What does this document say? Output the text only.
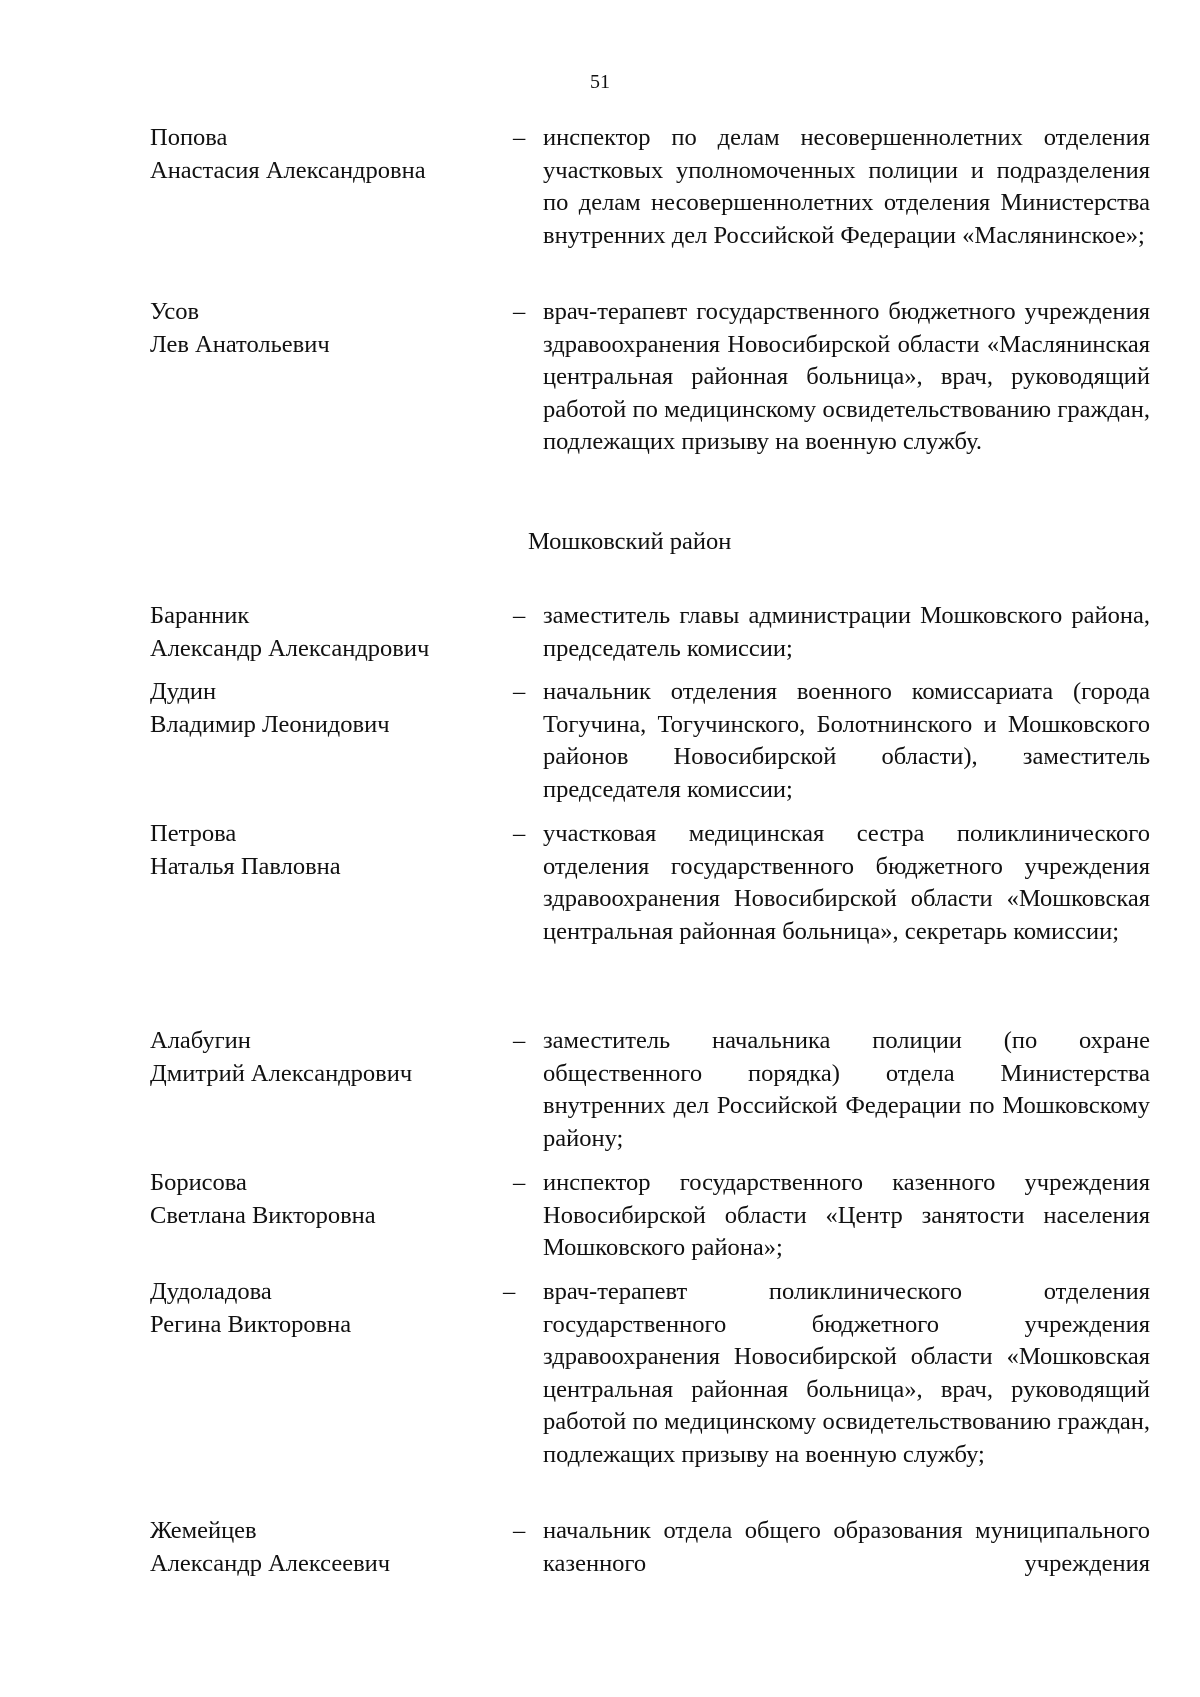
51
Попова
Анастасия Александровна
– инспектор по делам несовершеннолетних отделения участковых уполномоченных полиции и подразделения по делам несовершеннолетних отделения Министерства внутренних дел Российской Федерации «Маслянинское»;
Усов
Лев Анатольевич
– врач-терапевт государственного бюджетного учреждения здравоохранения Новосибирской области «Маслянинская центральная районная больница», врач, руководящий работой по медицинскому освидетельствованию граждан, подлежащих призыву на военную службу.
Мошковский район
Баранник
Александр Александрович
– заместитель главы администрации Мошковского района, председатель комиссии;
Дудин
Владимир Леонидович
– начальник отделения военного комиссариата (города Тогучина, Тогучинского, Болотнинского и Мошковского районов Новосибирской области), заместитель председателя комиссии;
Петрова
Наталья Павловна
– участковая медицинская сестра поликлинического отделения государственного бюджетного учреждения здравоохранения Новосибирской области «Мошковская центральная районная больница», секретарь комиссии;
Алабугин
Дмитрий Александрович
– заместитель начальника полиции (по охране общественного порядка) отдела Министерства внутренних дел Российской Федерации по Мошковскому району;
Борисова
Светлана Викторовна
– инспектор государственного казенного учреждения Новосибирской области «Центр занятости населения Мошковского района»;
Дудоладова
Регина Викторовна
– врач-терапевт поликлинического отделения государственного бюджетного учреждения здравоохранения Новосибирской области «Мошковская центральная районная больница», врач, руководящий работой по медицинскому освидетельствованию граждан, подлежащих призыву на военную службу;
Жемейцев
Александр Алексеевич
– начальник отдела общего образования муниципального казенного учреждения
